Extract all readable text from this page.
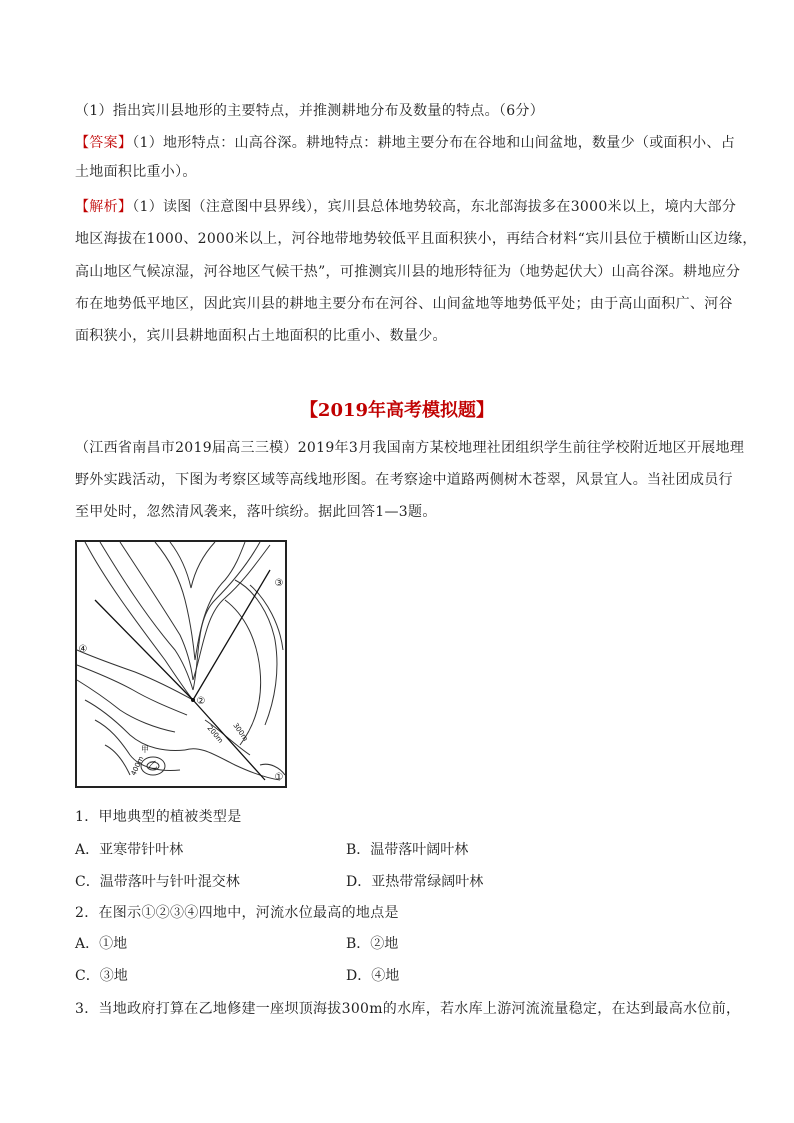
（1）指出宾川县地形的主要特点，并推测耕地分布及数量的特点。（6分）
【答案】（1）地形特点：山高谷深。耕地特点：耕地主要分布在谷地和山间盆地，数量少（或面积小、占
土地面积比重小）。
【解析】（1）读图（注意图中县界线），宾川县总体地势较高，东北部海拔多在3000米以上，境内大部分
地区海拔在1000、2000米以上，河谷地带地势较低平且面积狭小，再结合材料“宾川县位于横断山区边缘，
高山地区气候凉湿，河谷地区气候干热”，可推测宾川县的地形特征为（地势起伏大）山高谷深。耕地应分
布在地势低平地区，因此宾川县的耕地主要分布在河谷、山间盆地等地势低平处；由于高山面积广、河谷
面积狭小，宾川县耕地面积占土地面积的比重小、数量少。
【2019年高考模拟题】
（江西省南昌市2019届高三三模）2019年3月我国南方某校地理社团组织学生前往学校附近地区开展地理
野外实践活动，下图为考察区域等高线地形图。在考察途中道路两侧树木苍翠，风景宜人。当社团成员行
至甲处时，忽然清风袭来，落叶缤纷。据此回答1—3题。
乙
甲
300m
200m
400m
③
④
②
①
1．甲地典型的植被类型是
A．亚寒带针叶林	B．温带落叶阔叶林
C．温带落叶与针叶混交林	D．亚热带常绿阔叶林
2．在图示①②③④四地中，河流水位最高的地点是
A．①地	B．②地
C．③地	D．④地
3．当地政府打算在乙地修建一座坝顶海拔300m的水库，若水库上游河流流量稳定，在达到最高水位前，
